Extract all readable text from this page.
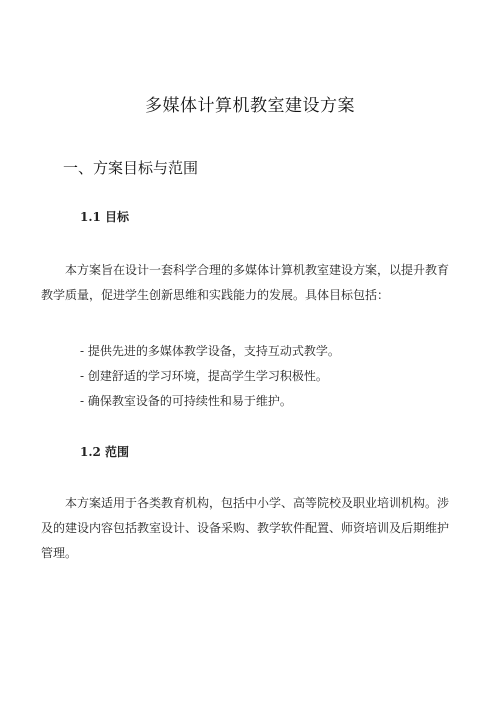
多媒体计算机教室建设方案
一、方案目标与范围
1.1 目标

本方案旨在设计一套科学合理的多媒体计算机教室建设方案，以提升教育教学质量，促进学生创新思维和实践能力的发展。具体目标包括：

- 提供先进的多媒体教学设备，支持互动式教学。
- 创建舒适的学习环境，提高学生学习积极性。
- 确保教室设备的可持续性和易于维护。
1.2 范围

本方案适用于各类教育机构，包括中小学、高等院校及职业培训机构。涉及的建设内容包括教室设计、设备采购、教学软件配置、师资培训及后期维护管理。
